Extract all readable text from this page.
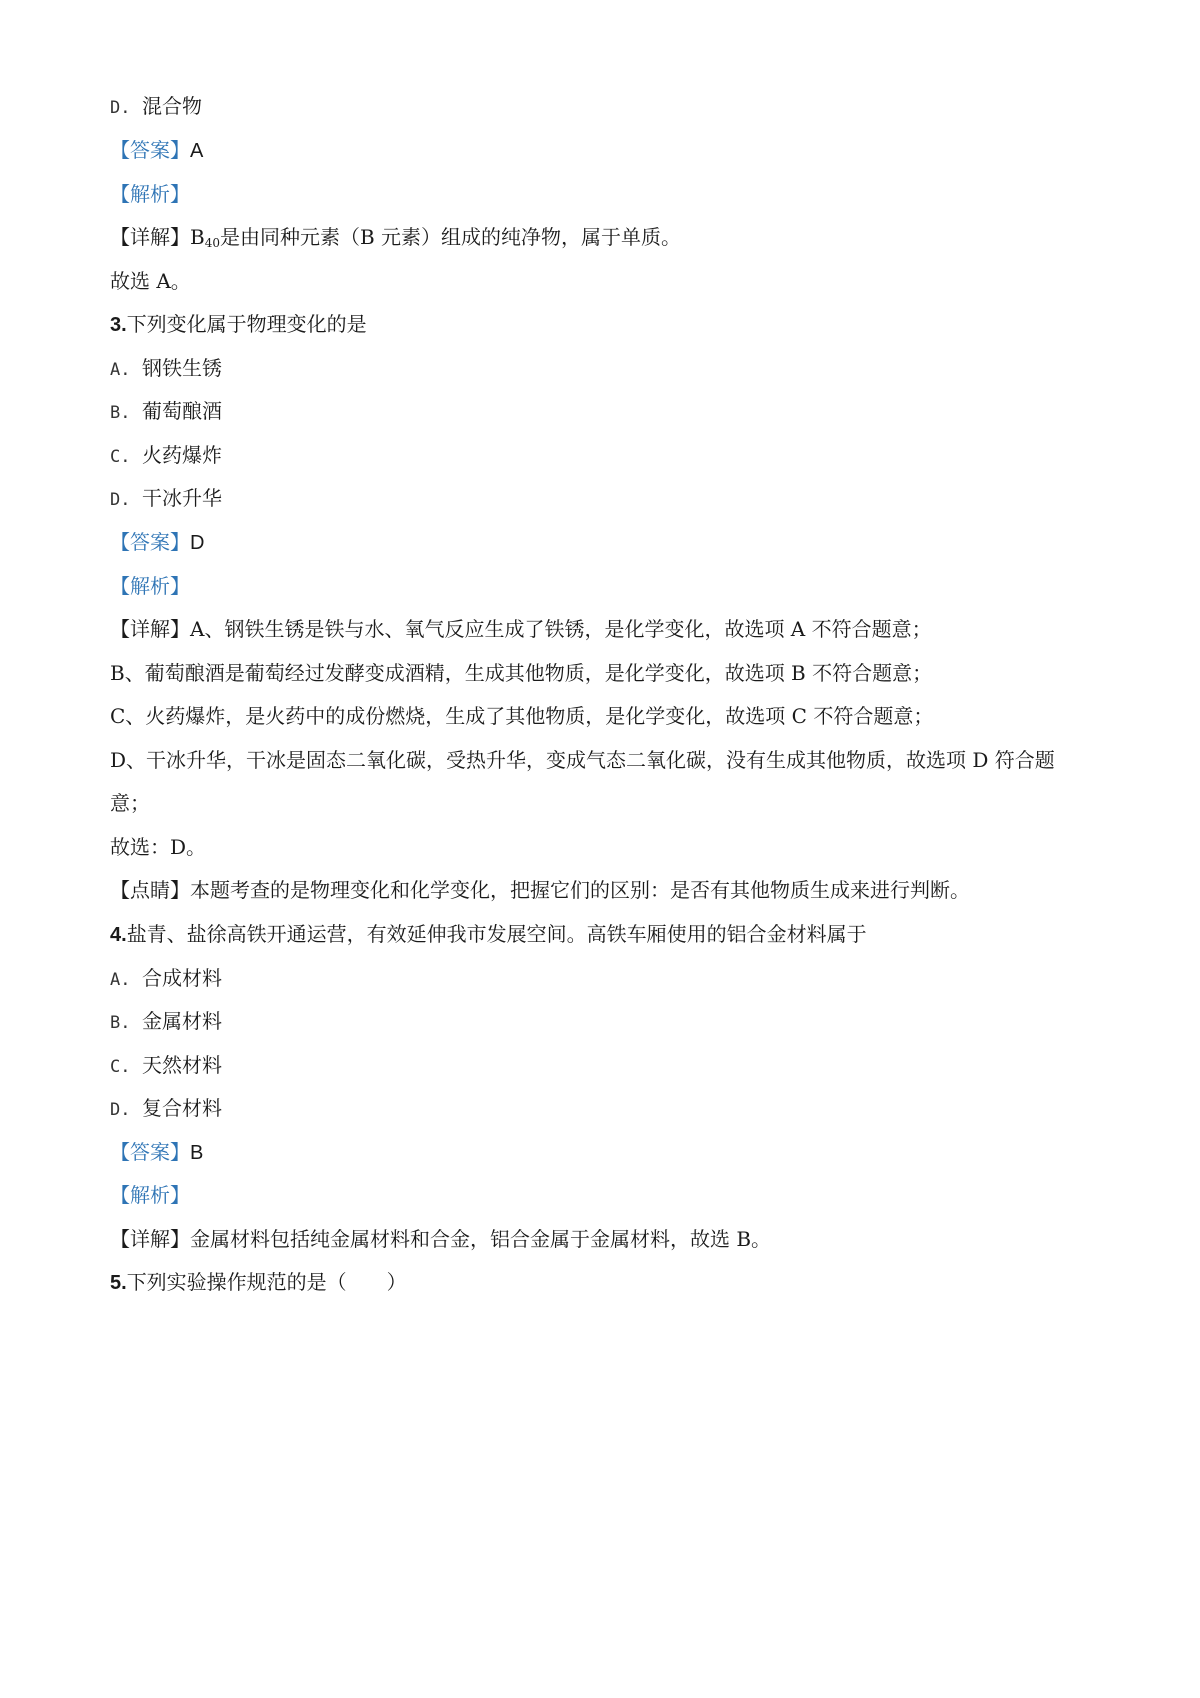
D. 混合物
【答案】A
【解析】
【详解】$B_{40}$是由同种元素（B 元素）组成的纯净物，属于单质。
故选 A。
3.下列变化属于物理变化的是
A. 钢铁生锈
B. 葡萄酿酒
C. 火药爆炸
D. 干冰升华
【答案】D
【解析】
【详解】A、钢铁生锈是铁与水、氧气反应生成了铁锈，是化学变化，故选项 A 不符合题意；
B、葡萄酿酒是葡萄经过发酵变成酒精，生成其他物质，是化学变化，故选项 B 不符合题意；
C、火药爆炸，是火药中的成份燃烧，生成了其他物质，是化学变化，故选项 C 不符合题意；
D、干冰升华，干冰是固态二氧化碳，受热升华，变成气态二氧化碳，没有生成其他物质，故选项 D 符合题
意；
故选：D。
【点睛】本题考查的是物理变化和化学变化，把握它们的区别：是否有其他物质生成来进行判断。
4.盐青、盐徐高铁开通运营，有效延伸我市发展空间。高铁车厢使用的铝合金材料属于
A. 合成材料
B. 金属材料
C. 天然材料
D. 复合材料
【答案】B
【解析】
【详解】金属材料包括纯金属材料和合金，铝合金属于金属材料，故选 B。
5.下列实验操作规范的是（　　）
